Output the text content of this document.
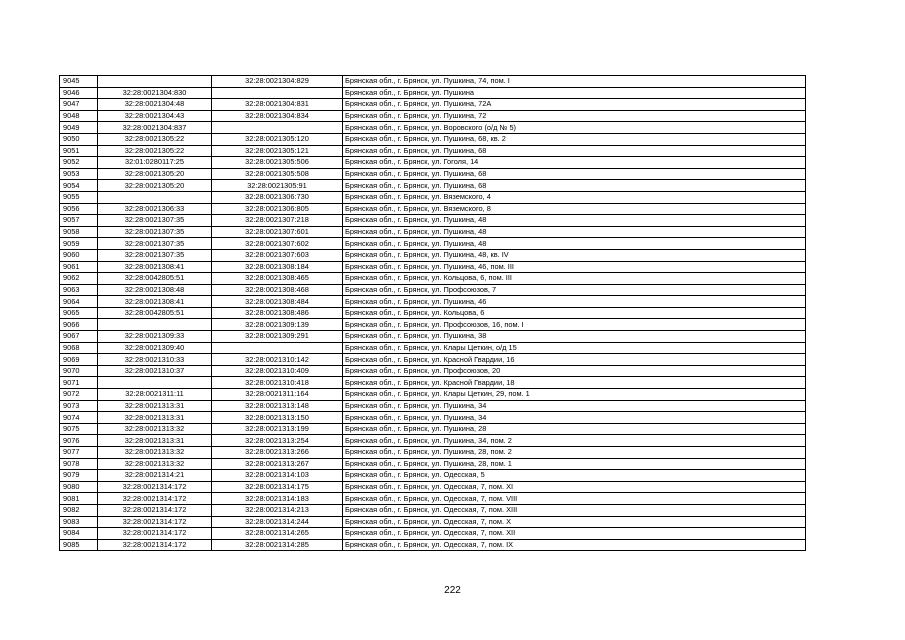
9045		32:28:0021304:829	Брянская обл., г. Брянск, ул. Пушкина, 74, пом. I
9046	32:28:0021304:830		Брянская обл., г. Брянск, ул. Пушкина
9047	32:28:0021304:48	32:28:0021304:831	Брянская обл., г. Брянск, ул. Пушкина, 72А
9048	32:28:0021304:43	32:28:0021304:834	Брянская обл., г. Брянск, ул. Пушкина, 72
9049	32:28:0021304:837		Брянская обл., г. Брянск, ул. Воровского (о/д № 5)
9050	32:28:0021305:22	32:28:0021305:120	Брянская обл., г. Брянск, ул. Пушкина, 68, кв. 2
9051	32:28:0021305:22	32:28:0021305:121	Брянская обл., г. Брянск, ул. Пушкина, 68
9052	32:01:0280117:25	32:28:0021305:506	Брянская обл., г. Брянск, ул. Гоголя, 14
9053	32:28:0021305:20	32:28:0021305:508	Брянская обл., г. Брянск, ул. Пушкина, 68
9054	32:28:0021305:20	32:28:0021305:91	Брянская обл., г. Брянск, ул. Пушкина, 68
9055		32:28:0021306:730	Брянская обл., г. Брянск, ул. Вяземского, 4
9056	32:28:0021306:33	32:28:0021306:805	Брянская обл., г. Брянск, ул. Вяземского, 8
9057	32:28:0021307:35	32:28:0021307:218	Брянская обл., г. Брянск, ул. Пушкина, 48
9058	32:28:0021307:35	32:28:0021307:601	Брянская обл., г. Брянск, ул. Пушкина, 48
9059	32:28:0021307:35	32:28:0021307:602	Брянская обл., г. Брянск, ул. Пушкина, 48
9060	32:28:0021307:35	32:28:0021307:603	Брянская обл., г. Брянск, ул. Пушкина, 48, кв. IV
9061	32:28:0021308:41	32:28:0021308:184	Брянская обл., г. Брянск, ул. Пушкина, 46, пом. III
9062	32:28:0042805:51	32:28:0021308:465	Брянская обл., г. Брянск, ул. Кольцова, 6, пом. III
9063	32:28:0021308:48	32:28:0021308:468	Брянская обл., г. Брянск, ул. Профсоюзов, 7
9064	32:28:0021308:41	32:28:0021308:484	Брянская обл., г. Брянск, ул. Пушкина, 46
9065	32:28:0042805:51	32:28:0021308:486	Брянская обл., г. Брянск, ул. Кольцова, 6
9066		32:28:0021309:139	Брянская обл., г. Брянск, ул. Профсоюзов, 16, пом. I
9067	32:28:0021309:33	32:28:0021309:291	Брянская обл., г. Брянск, ул. Пушкина, 38
9068	32:28:0021309:40		Брянская обл., г. Брянск, ул. Клары Цеткин, о/д 15
9069	32:28:0021310:33	32:28:0021310:142	Брянская обл., г. Брянск, ул. Красной Гвардии, 16
9070	32:28:0021310:37	32:28:0021310:409	Брянская обл., г. Брянск, ул. Профсоюзов, 20
9071		32:28:0021310:418	Брянская обл., г. Брянск, ул. Красной Гвардии, 18
9072	32:28:0021311:11	32:28:0021311:164	Брянская обл., г. Брянск, ул. Клары Цеткин, 29, пом. 1
9073	32:28:0021313:31	32:28:0021313:148	Брянская обл., г. Брянск, ул. Пушкина, 34
9074	32:28:0021313:31	32:28:0021313:150	Брянская обл., г. Брянск, ул. Пушкина, 34
9075	32:28:0021313:32	32:28:0021313:199	Брянская обл., г. Брянск, ул. Пушкина, 28
9076	32:28:0021313:31	32:28:0021313:254	Брянская обл., г. Брянск, ул. Пушкина, 34, пом. 2
9077	32:28:0021313:32	32:28:0021313:266	Брянская обл., г. Брянск, ул. Пушкина, 28, пом. 2
9078	32:28:0021313:32	32:28:0021313:267	Брянская обл., г. Брянск, ул. Пушкина, 28, пом. 1
9079	32:28:0021314:21	32:28:0021314:103	Брянская обл., г. Брянск, ул. Одесская, 5
9080	32:28:0021314:172	32:28:0021314:175	Брянская обл., г. Брянск, ул. Одесская, 7, пом. XI
9081	32:28:0021314:172	32:28:0021314:183	Брянская обл., г. Брянск, ул. Одесская, 7, пом. VIII
9082	32:28:0021314:172	32:28:0021314:213	Брянская обл., г. Брянск, ул. Одесская, 7, пом. XIII
9083	32:28:0021314:172	32:28:0021314:244	Брянская обл., г. Брянск, ул. Одесская, 7, пом. X
9084	32:28:0021314:172	32:28:0021314:265	Брянская обл., г. Брянск, ул. Одесская, 7, пом. XII
9085	32:28:0021314:172	32:28:0021314:285	Брянская обл., г. Брянск, ул. Одесская, 7, пом. IX
222
